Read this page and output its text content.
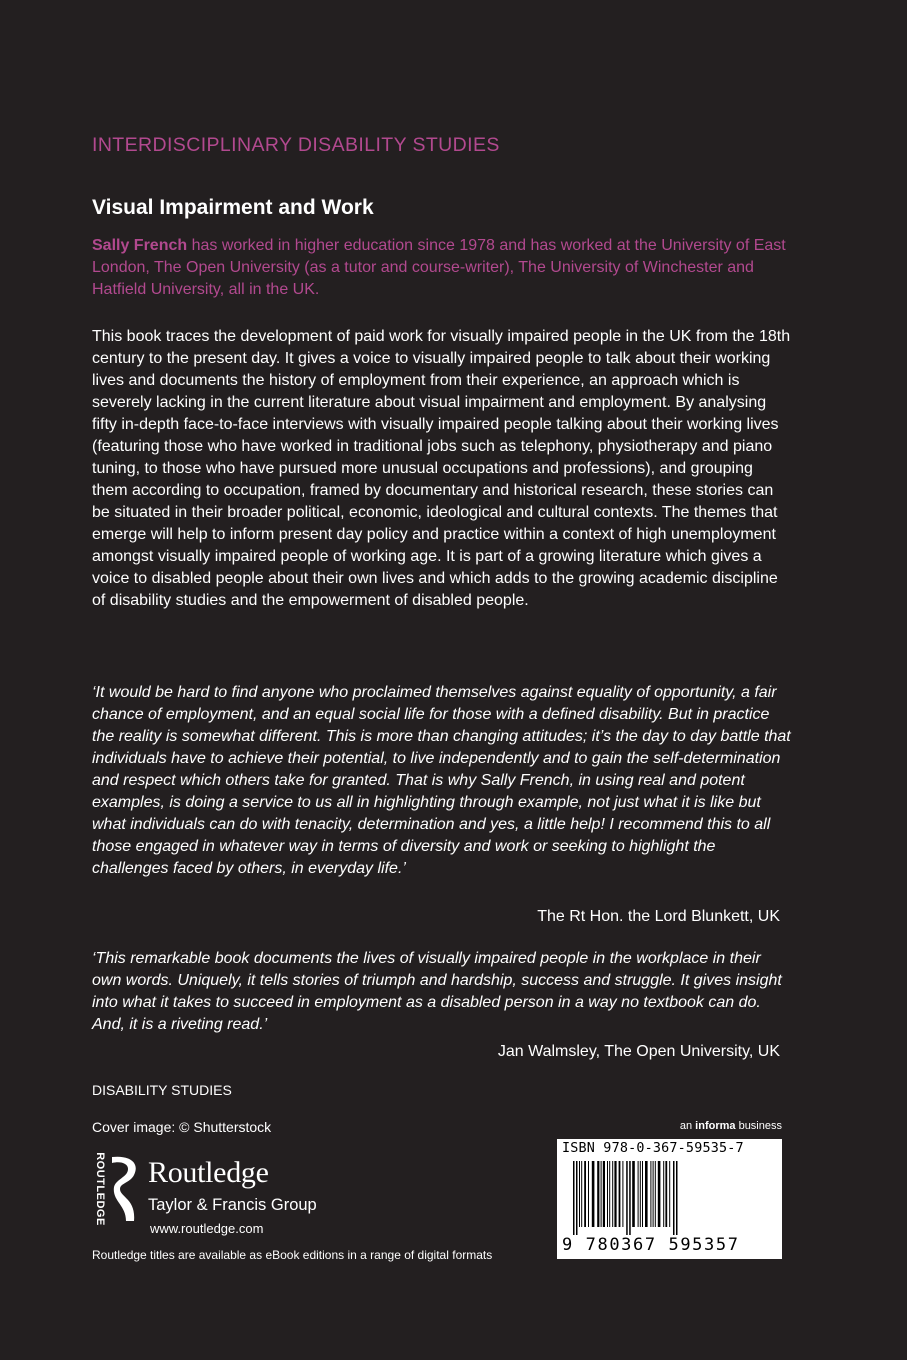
INTERDISCIPLINARY DISABILITY STUDIES
Visual Impairment and Work
Sally French has worked in higher education since 1978 and has worked at the University of East London, The Open University (as a tutor and course-writer), The University of Winchester and Hatfield University, all in the UK.
This book traces the development of paid work for visually impaired people in the UK from the 18th century to the present day. It gives a voice to visually impaired people to talk about their working lives and documents the history of employment from their experience, an approach which is severely lacking in the current literature about visual impairment and employment. By analysing fifty in-depth face-to-face interviews with visually impaired people talking about their working lives (featuring those who have worked in traditional jobs such as telephony, physiotherapy and piano tuning, to those who have pursued more unusual occupations and professions), and grouping them according to occupation, framed by documentary and historical research, these stories can be situated in their broader political, economic, ideological and cultural contexts. The themes that emerge will help to inform present day policy and practice within a context of high unemployment amongst visually impaired people of working age. It is part of a growing literature which gives a voice to disabled people about their own lives and which adds to the growing academic discipline of disability studies and the empowerment of disabled people.
‘It would be hard to find anyone who proclaimed themselves against equality of opportunity, a fair chance of employment, and an equal social life for those with a defined disability. But in practice the reality is somewhat different. This is more than changing attitudes; it’s the day to day battle that individuals have to achieve their potential, to live independently and to gain the self-determination and respect which others take for granted. That is why Sally French, in using real and potent examples, is doing a service to us all in highlighting through example, not just what it is like but what individuals can do with tenacity, determination and yes, a little help! I recommend this to all those engaged in whatever way in terms of diversity and work or seeking to highlight the challenges faced by others, in everyday life.’
The Rt Hon. the Lord Blunkett, UK
‘This remarkable book documents the lives of visually impaired people in the workplace in their own words. Uniquely, it tells stories of triumph and hardship, success and struggle. It gives insight into what it takes to succeed in employment as a disabled person in a way no textbook can do. And, it is a riveting read.’
Jan Walmsley, The Open University, UK
DISABILITY STUDIES
Cover image: © Shutterstock
ROUTLEDGE Routledge
Taylor & Francis Group
www.routledge.com
an informa business
ISBN 978-0-367-59535-7
9 780367 595357
Routledge titles are available as eBook editions in a range of digital formats
